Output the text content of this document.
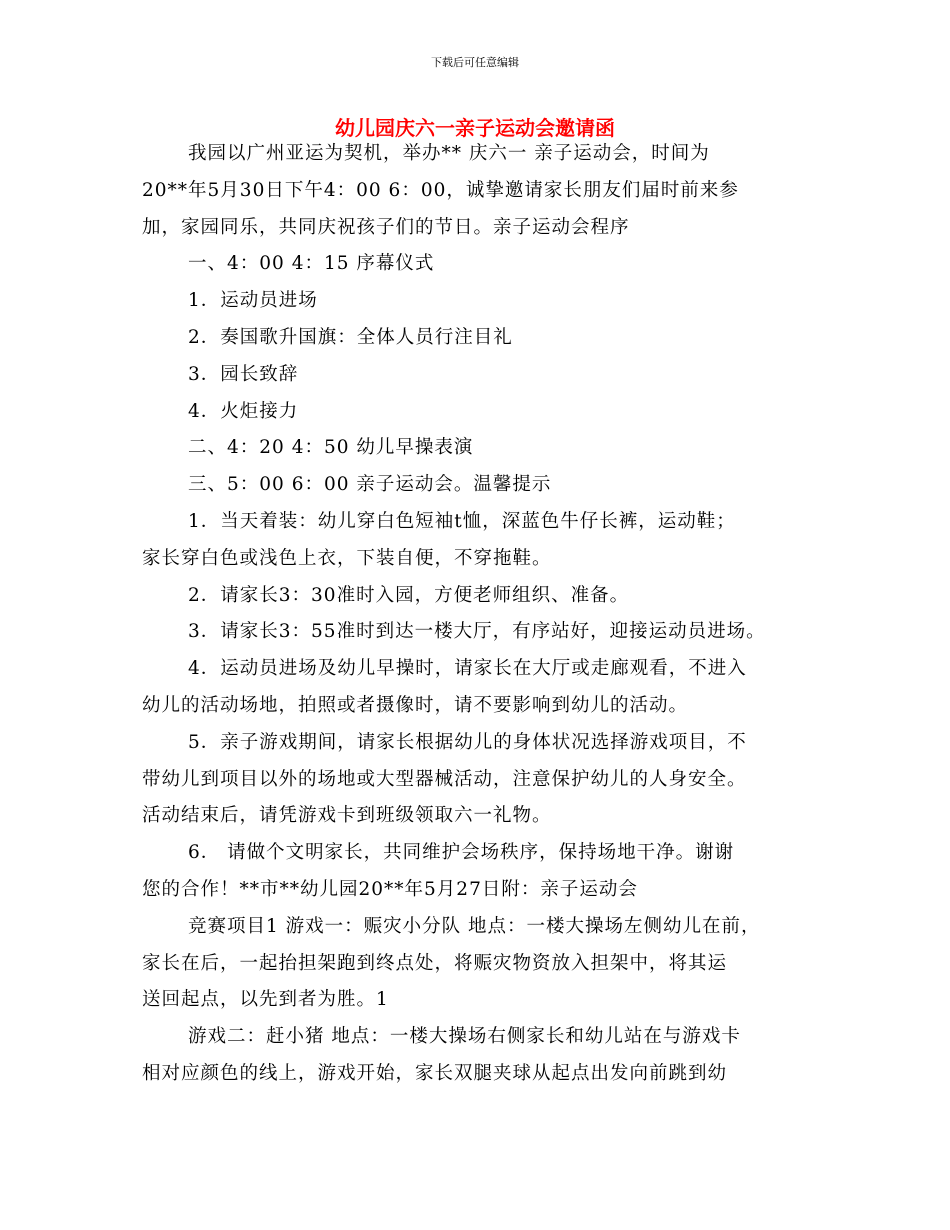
下载后可任意编辑
幼儿园庆六一亲子运动会邀请函
我园以广州亚运为契机，举办** 庆六一 亲子运动会，时间为
20**年5月30日下午4：00 6：00，诚挚邀请家长朋友们届时前来参
加，家园同乐，共同庆祝孩子们的节日。亲子运动会程序
一、4：00 4：15 序幕仪式
1．运动员进场
2．奏国歌升国旗：全体人员行注目礼
3．园长致辞
4．火炬接力
二、4：20 4：50 幼儿早操表演
三、5：00 6：00 亲子运动会。温馨提示
1．当天着装：幼儿穿白色短袖t恤，深蓝色牛仔长裤，运动鞋；
家长穿白色或浅色上衣，下装自便，不穿拖鞋。
2．请家长3：30准时入园，方便老师组织、准备。
3．请家长3：55准时到达一楼大厅，有序站好，迎接运动员进场。
4．运动员进场及幼儿早操时，请家长在大厅或走廊观看，不进入
幼儿的活动场地，拍照或者摄像时，请不要影响到幼儿的活动。
5．亲子游戏期间，请家长根据幼儿的身体状况选择游戏项目，不
带幼儿到项目以外的场地或大型器械活动，注意保护幼儿的人身安全。
活动结束后，请凭游戏卡到班级领取六一礼物。
6． 请做个文明家长，共同维护会场秩序，保持场地干净。谢谢
您的合作！**市**幼儿园20**年5月27日附：亲子运动会
竞赛项目1 游戏一：赈灾小分队 地点：一楼大操场左侧幼儿在前，
家长在后，一起抬担架跑到终点处，将赈灾物资放入担架中，将其运
送回起点，以先到者为胜。1
游戏二：赶小猪 地点：一楼大操场右侧家长和幼儿站在与游戏卡
相对应颜色的线上，游戏开始，家长双腿夹球从起点出发向前跳到幼
